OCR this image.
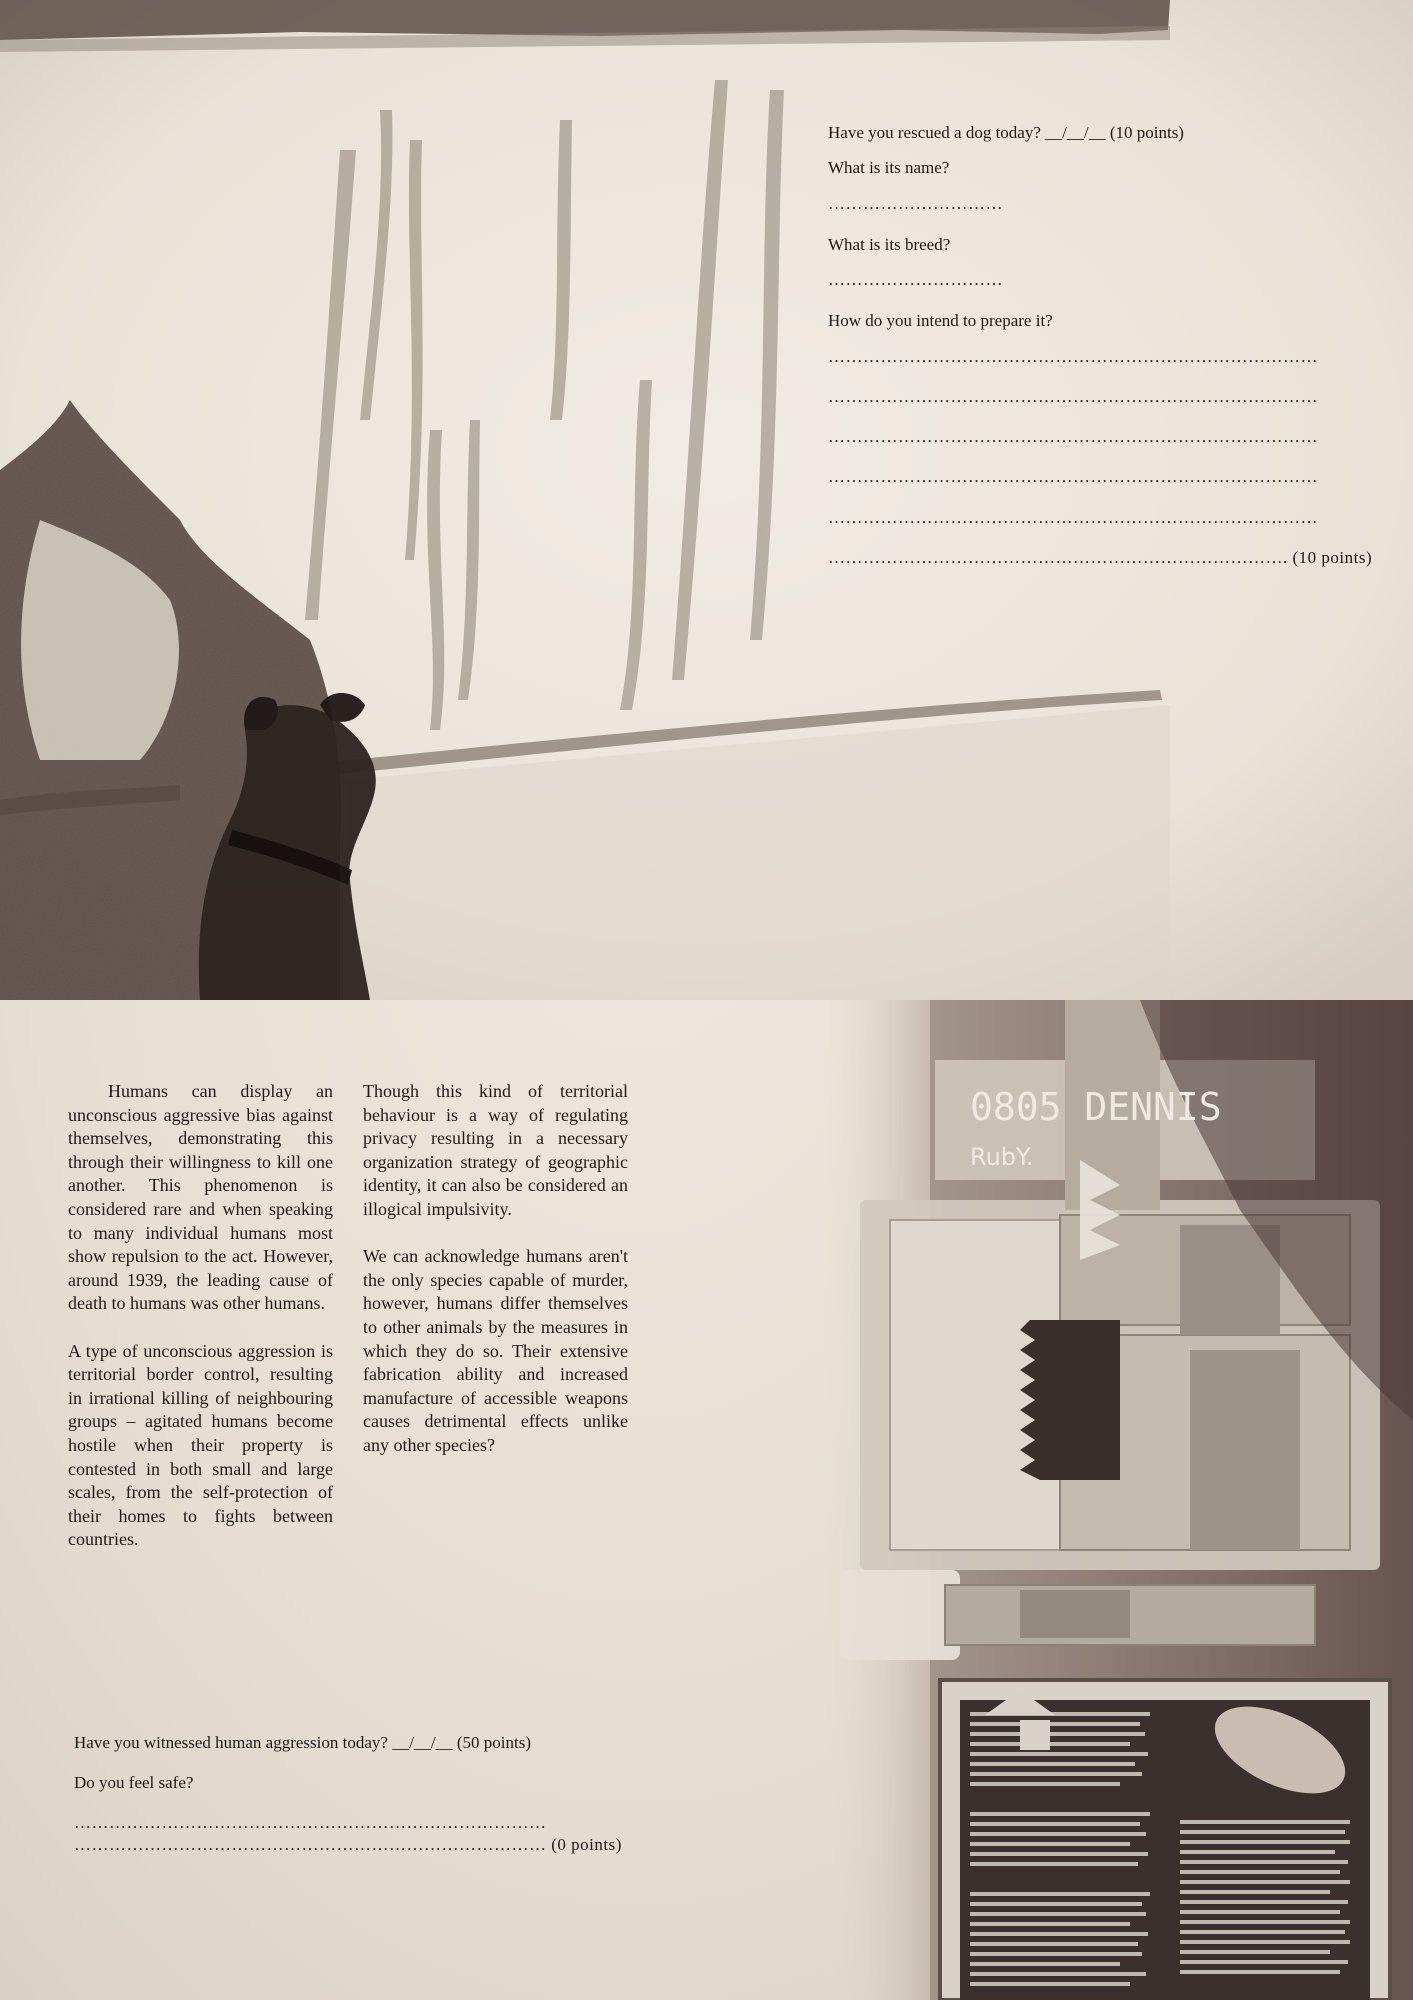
0805 DENNIS
RubY.

Have you rescued a dog today? __/__/__ (10 points)

What is its name?

…………………………

What is its breed?

…………………………

How do you intend to prepare it?

…………………………………………………………………………

…………………………………………………………………………

…………………………………………………………………………

…………………………………………………………………………

…………………………………………………………………………

……………………………………………………………………. (10 points)

Humans can display an unconscious aggressive bias against themselves, demonstrating this through their willingness to kill one another. This phenomenon is considered rare and when speaking to many individual humans most show repulsion to the act. However, around 1939, the leading cause of death to humans was other humans.

A type of unconscious aggression is territorial border control, resulting in irrational killing of neighbouring groups – agitated humans become hostile when their property is contested in both small and large scales, from the self-protection of their homes to fights between countries.

Though this kind of territorial behaviour is a way of regulating privacy resulting in a necessary organization strategy of geographic identity, it can also be considered an illogical impulsivity.

We can acknowledge humans aren't the only species capable of murder, however, humans differ themselves to other animals by the measures in which they do so. Their extensive fabrication ability and increased manufacture of accessible weapons causes detrimental effects unlike any other species?

Have you witnessed human aggression today? __/__/__ (50 points)

Do you feel safe?

………………………………………………………………………

……………………………………………………………………… (0 points)
